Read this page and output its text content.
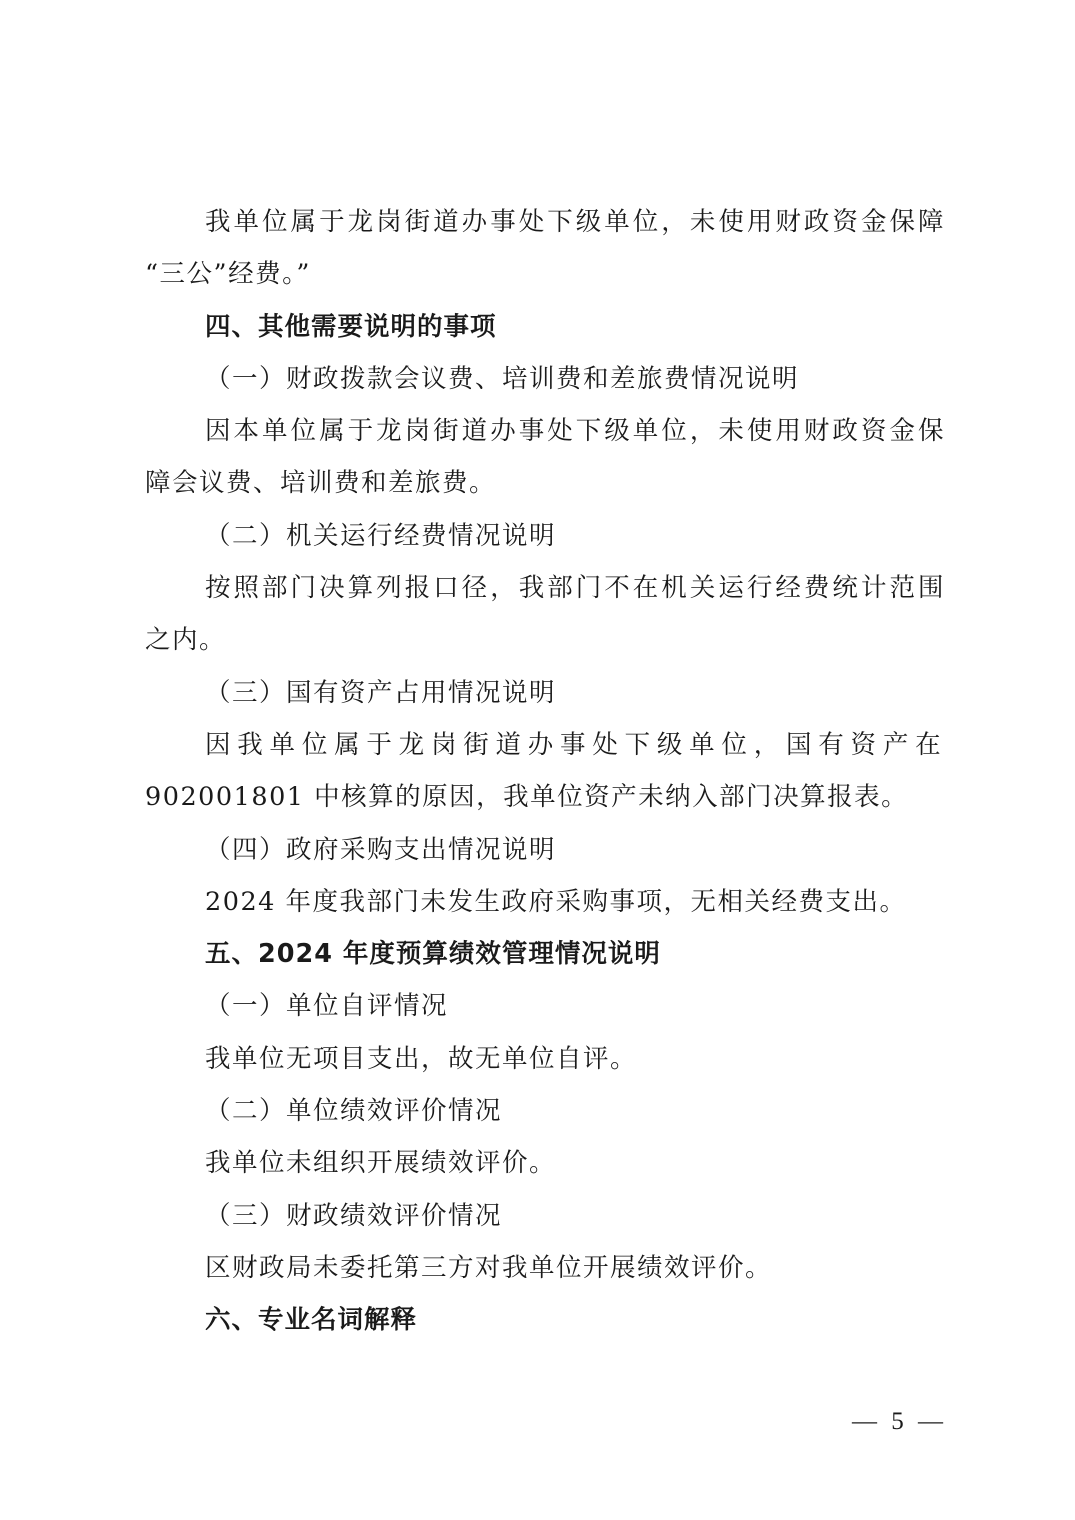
我单位属于龙岗街道办事处下级单位，未使用财政资金保障

“三公”经费。”

四、其他需要说明的事项

（一）财政拨款会议费、培训费和差旅费情况说明

因本单位属于龙岗街道办事处下级单位，未使用财政资金保

障会议费、培训费和差旅费。

（二）机关运行经费情况说明

按照部门决算列报口径，我部门不在机关运行经费统计范围

之内。

（三）国有资产占用情况说明

因我单位属于龙岗街道办事处下级单位，国有资产在

902001801 中核算的原因，我单位资产未纳入部门决算报表。

（四）政府采购支出情况说明

2024 年度我部门未发生政府采购事项，无相关经费支出。

五、2024 年度预算绩效管理情况说明

（一）单位自评情况

我单位无项目支出，故无单位自评。

（二）单位绩效评价情况

我单位未组织开展绩效评价。

（三）财政绩效评价情况

区财政局未委托第三方对我单位开展绩效评价。

六、专业名词解释

— 5 —
